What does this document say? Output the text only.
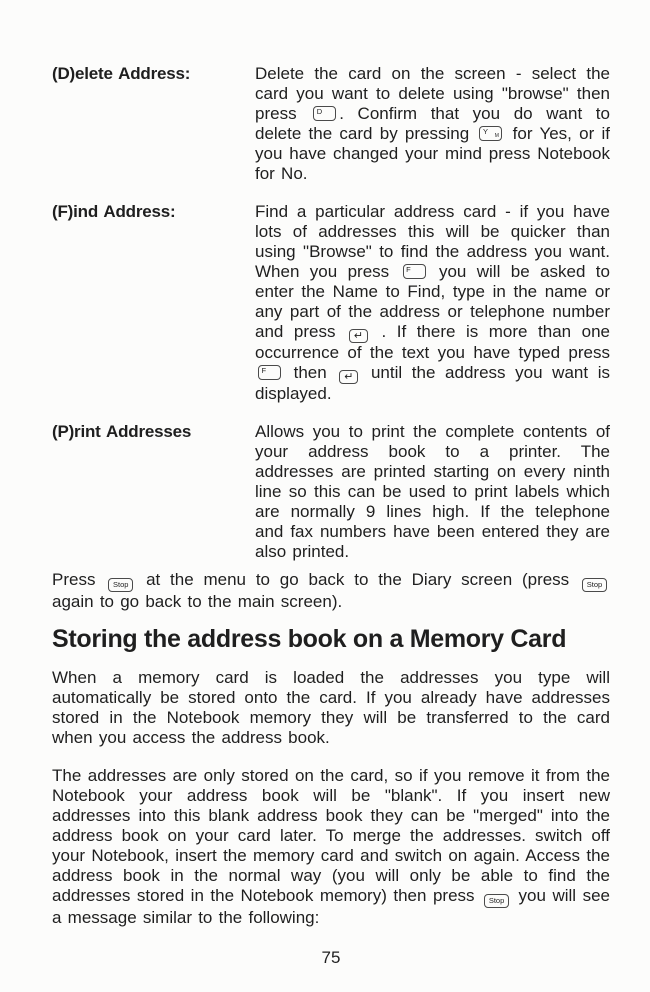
(D)elete Address:	Delete the card on the screen - select the card you want to delete using "browse" then press D . Confirm that you do want to delete the card by pressing Y
M for Yes, or if you have changed your mind press Notebook for No.
(F)ind Address:	Find a particular address card - if you have lots of addresses this will be quicker than using "Browse" to find the address you want. When you press F you will be asked to enter the Name to Find, type in the name or any part of the address or telephone number and press ↵ . If there is more than one occurrence of the text you have typed press
F then ↵ until the address you want is displayed.
(P)rint Addresses	Allows you to print the complete contents of your address book to a printer. The addresses are printed starting on every ninth line so this can be used to print labels which are normally 9 lines high. If the telephone and fax numbers have been entered they are also printed.

Press Stop at the menu to go back to the Diary screen (press Stop again to go back to the main screen).

Storing the address book on a Memory Card

When a memory card is loaded the addresses you type will automatically be stored onto the card. If you already have addresses stored in the Notebook memory they will be transferred to the card when you access the address book.

The addresses are only stored on the card, so if you remove it from the Notebook your address book will be "blank". If you insert new addresses into this blank address book they can be "merged" into the address book on your card later. To merge the addresses. switch off your Notebook, insert the memory card and switch on again. Access the address book in the normal way (you will only be able to find the addresses stored in the Notebook memory) then press Stop you will see a message similar to the following:

75
